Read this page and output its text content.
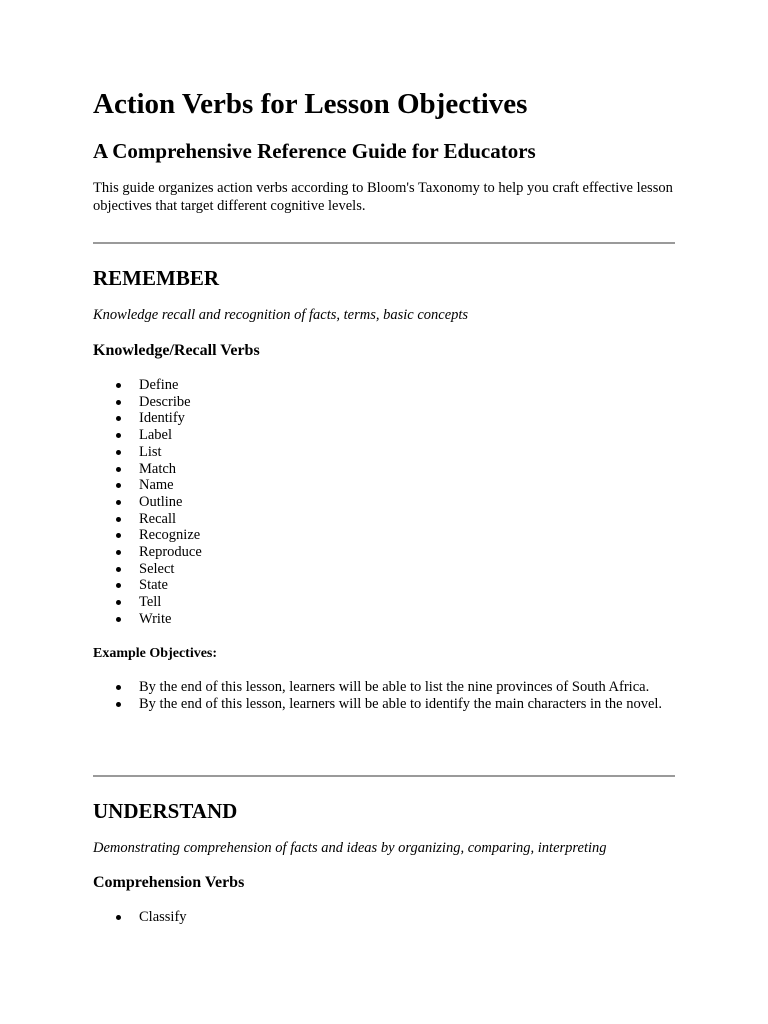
Action Verbs for Lesson Objectives
A Comprehensive Reference Guide for Educators

This guide organizes action verbs according to Bloom's Taxonomy to help you craft effective lesson objectives that target different cognitive levels.

REMEMBER

Knowledge recall and recognition of facts, terms, basic concepts

Knowledge/Recall Verbs
Define
Describe
Identify
Label
List
Match
Name
Outline
Recall
Recognize
Reproduce
Select
State
Tell
Write
Example Objectives:
By the end of this lesson, learners will be able to list the nine provinces of South Africa.
By the end of this lesson, learners will be able to identify the main characters in the novel.
UNDERSTAND

Demonstrating comprehension of facts and ideas by organizing, comparing, interpreting

Comprehension Verbs
Classify
